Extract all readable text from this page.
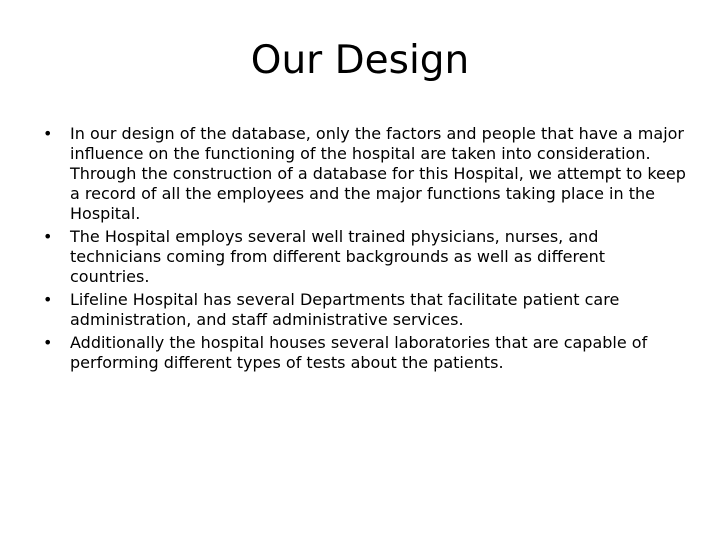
Our Design
•	In our design of the database, only the factors and people that have a major influence on the functioning of the hospital are taken into consideration. Through the construction of a database for this Hospital, we attempt to keep a record of all the employees and the major functions taking place in the Hospital.
•	The Hospital employs several well trained physicians, nurses, and technicians coming from different backgrounds as well as different countries.
•	Lifeline Hospital has several Departments that facilitate patient care administration, and staff administrative services.
•	Additionally the hospital houses several laboratories that are capable of performing different types of tests about the patients.
